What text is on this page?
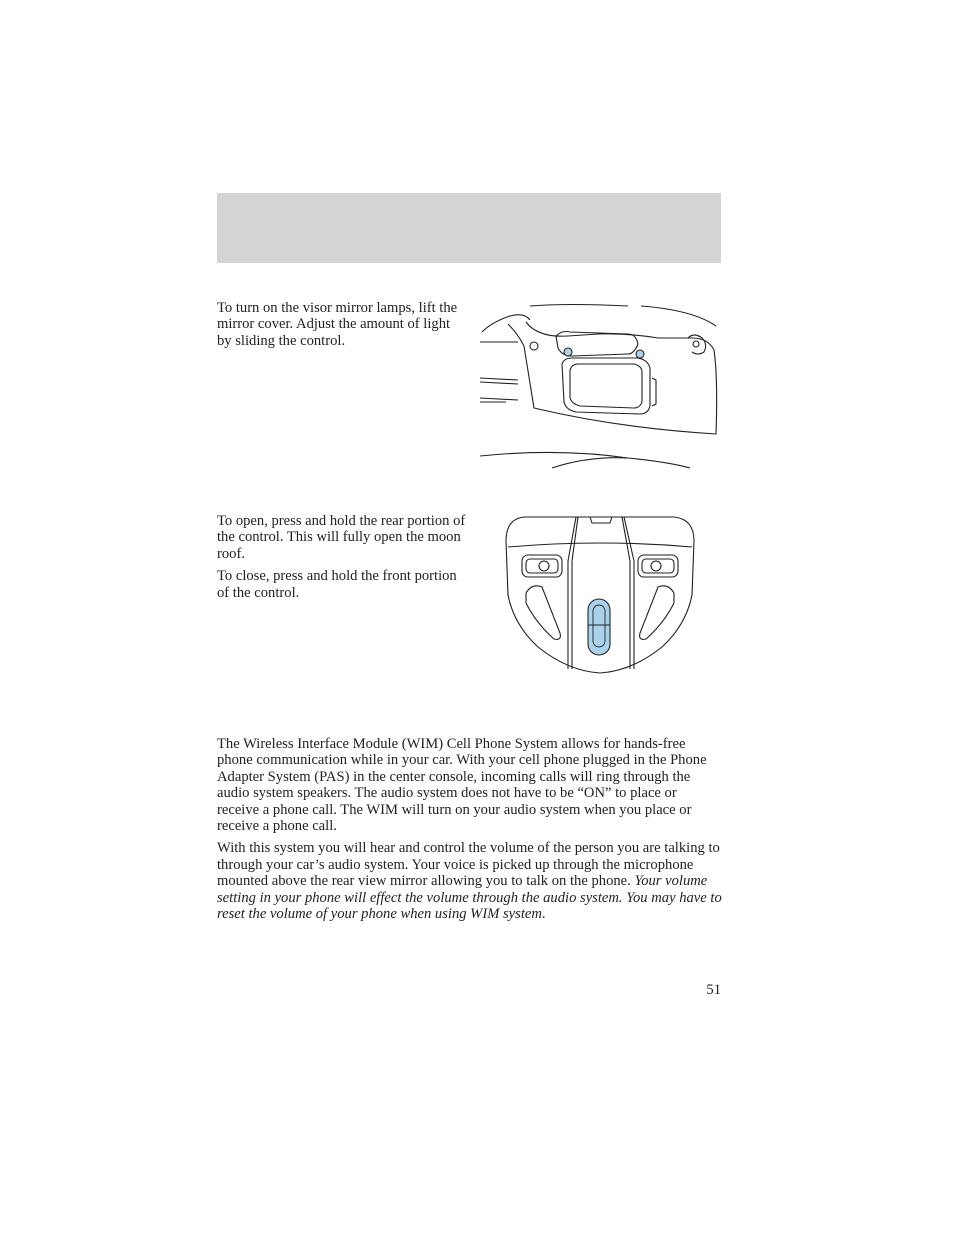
To turn on the visor mirror lamps, lift the mirror cover. Adjust the amount of light by sliding the control.

To open, press and hold the rear portion of the control. This will fully open the moon roof.

To close, press and hold the front portion of the control.

The Wireless Interface Module (WIM) Cell Phone System allows for hands-free phone communication while in your car. With your cell phone plugged in the Phone Adapter System (PAS) in the center console, incoming calls will ring through the audio system speakers. The audio system does not have to be “ON” to place or receive a phone call. The WIM will turn on your audio system when you place or receive a phone call.

With this system you will hear and control the volume of the person you are talking to through your car’s audio system. Your voice is picked up through the microphone mounted above the rear view mirror allowing you to talk on the phone. Your volume setting in your phone will effect the volume through the audio system. You may have to reset the volume of your phone when using WIM system.

51
